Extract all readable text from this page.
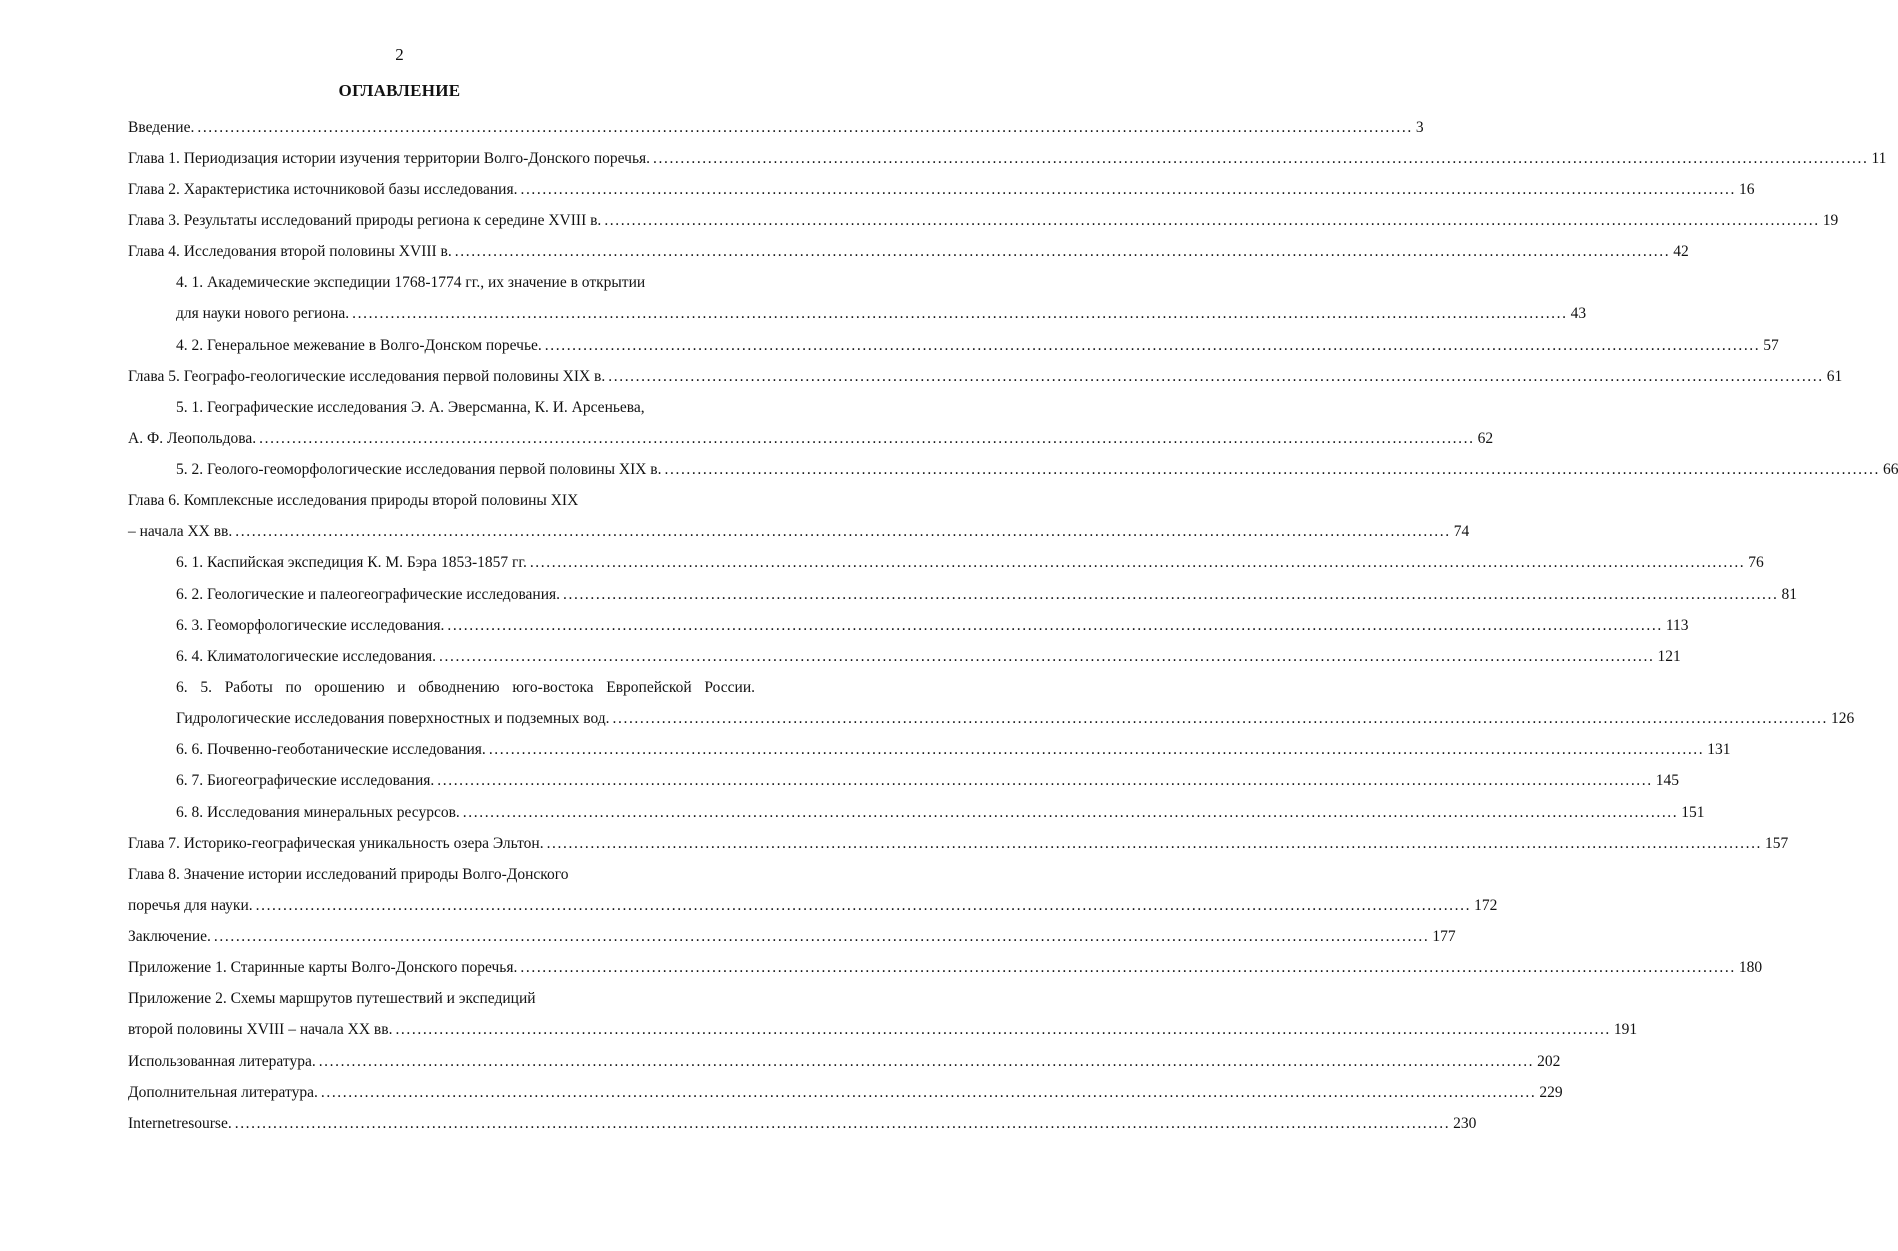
2
ОГЛАВЛЕНИЕ
Введение. .............................................................................................................................................................................................................................. 3
Глава 1. Периодизация истории изучения территории Волго-Донского поречья. .............................................................................................................................................................................................................................. 11
Глава 2. Характеристика источниковой базы исследования. .............................................................................................................................................................................................................................. 16
Глава 3. Результаты исследований природы региона к середине XVIII в. .............................................................................................................................................................................................................................. 19
Глава 4. Исследования второй половины XVIII в. .............................................................................................................................................................................................................................. 42
4. 1. Академические экспедиции 1768-1774 гг., их значение в открытии
для науки нового региона. .............................................................................................................................................................................................................................. 43
4. 2. Генеральное межевание в Волго-Донском поречье. .............................................................................................................................................................................................................................. 57
Глава 5. Географо-геологические исследования первой половины XIX в. .............................................................................................................................................................................................................................. 61
5. 1. Географические исследования Э. А. Эверсманна, К. И. Арсеньева,
А. Ф. Леопольдова. .............................................................................................................................................................................................................................. 62
5. 2. Геолого-геоморфологические исследования первой половины XIX в. .............................................................................................................................................................................................................................. 66
Глава 6. Комплексные исследования природы второй половины XIX
– начала XX вв. .............................................................................................................................................................................................................................. 74
6. 1. Каспийская экспедиция К. М. Бэра 1853-1857 гг. .............................................................................................................................................................................................................................. 76
6. 2. Геологические и палеогеографические исследования. .............................................................................................................................................................................................................................. 81
6. 3. Геоморфологические исследования. .............................................................................................................................................................................................................................. 113
6. 4. Климатологические исследования. .............................................................................................................................................................................................................................. 121
6. 5. Работы по орошению и обводнению юго-востока Европейской России.
Гидрологические исследования поверхностных и подземных вод. .............................................................................................................................................................................................................................. 126
6. 6. Почвенно-геоботанические исследования. .............................................................................................................................................................................................................................. 131
6. 7. Биогеографические исследования. .............................................................................................................................................................................................................................. 145
6. 8. Исследования минеральных ресурсов. .............................................................................................................................................................................................................................. 151
Глава 7. Историко-географическая уникальность озера Эльтон. .............................................................................................................................................................................................................................. 157
Глава 8. Значение истории исследований природы Волго-Донского
поречья для науки. .............................................................................................................................................................................................................................. 172
Заключение. .............................................................................................................................................................................................................................. 177
Приложение 1. Старинные карты Волго-Донского поречья. .............................................................................................................................................................................................................................. 180
Приложение 2. Схемы маршрутов путешествий и экспедиций
второй половины XVIII – начала XX вв. .............................................................................................................................................................................................................................. 191
Использованная литература. .............................................................................................................................................................................................................................. 202
Дополнительная литература. .............................................................................................................................................................................................................................. 229
Internetresourse. .............................................................................................................................................................................................................................. 230
